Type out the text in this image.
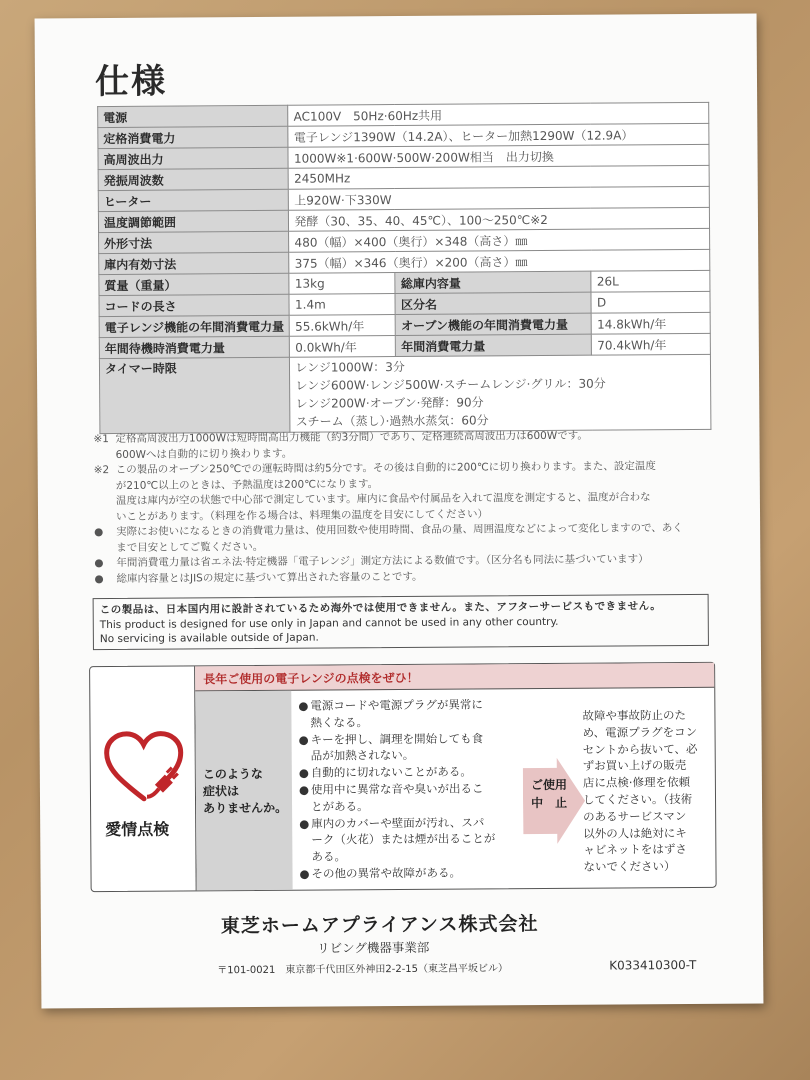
仕様
電源	AC100V　50Hz·60Hz共用		
定格消費電力	電子レンジ1390W（14.2A）、ヒーター加熱1290W（12.9A）		
高周波出力	1000W※1·600W·500W·200W相当　出力切換		
発振周波数	2450MHz		
ヒーター	上920W·下330W		
温度調節範囲	発酵（30、35、40、45℃）、100～250℃※2		
外形寸法	480（幅）×400（奥行）×348（高さ）㎜		
庫内有効寸法	375（幅）×346（奥行）×200（高さ）㎜		
質量（重量）	13kg	総庫内容量	26L
コードの長さ	1.4m	区分名	D
電子レンジ機能の年間消費電力量	55.6kWh/年	オーブン機能の年間消費電力量	14.8kWh/年
年間待機時消費電力量	0.0kWh/年	年間消費電力量	70.4kWh/年
タイマー時限	レンジ1000W：3分
レンジ600W·レンジ500W·スチームレンジ·グリル：30分
レンジ200W·オーブン·発酵：90分
スチーム（蒸し）·過熱水蒸気：60分		
※1 定格高周波出力1000Wは短時間高出力機能（約3分間）であり、定格連続高周波出力は600Wです。
600Wへは自動的に切り換わります。
※2 この製品のオーブン250℃での運転時間は約5分です。その後は自動的に200℃に切り換わります。また、設定温度
が210℃以上のときは、予熱温度は200℃になります。
温度は庫内が空の状態で中心部で測定しています。庫内に食品や付属品を入れて温度を測定すると、温度が合わな
いことがあります。（料理を作る場合は、料理集の温度を目安にしてください）
●	実際にお使いになるときの消費電力量は、使用回数や使用時間、食品の量、周囲温度などによって変化しますので、あく
まで目安としてご覧ください。
●	年間消費電力量は省エネ法·特定機器「電子レンジ」測定方法による数値です。（区分名も同法に基づいています）
●	総庫内容量とはJISの規定に基づいて算出された容量のことです。
この製品は、日本国内用に設計されているため海外では使用できません。また、アフターサービスもできません。
This product is designed for use only in Japan and cannot be used in any other country.
No servicing is available outside of Japan.
愛情点検
長年ご使用の電子レンジの点検をぜひ！
このような
症状は
ありませんか。
● 電源コードや電源プラグが異常に
熱くなる。
● キーを押し、調理を開始しても食
品が加熱されない。
● 自動的に切れないことがある。
● 使用中に異常な音や臭いが出るこ
とがある。
● 庫内のカバーや壁面が汚れ、スパ
ーク（火花）または煙が出ることが
ある。
● その他の異常や故障がある。
ご使用
中　止
故障や事故防止のた
め、電源プラグをコン
セントから抜いて、必
ずお買い上げの販売
店に点検·修理を依頼
してください。（技術
のあるサービスマン
以外の人は絶対にキ
ャビネットをはずさ
ないでください）
東芝ホームアプライアンス株式会社
リビング機器事業部
〒101-0021　東京都千代田区外神田2-2-15（東芝昌平坂ビル）	K033410300-T
